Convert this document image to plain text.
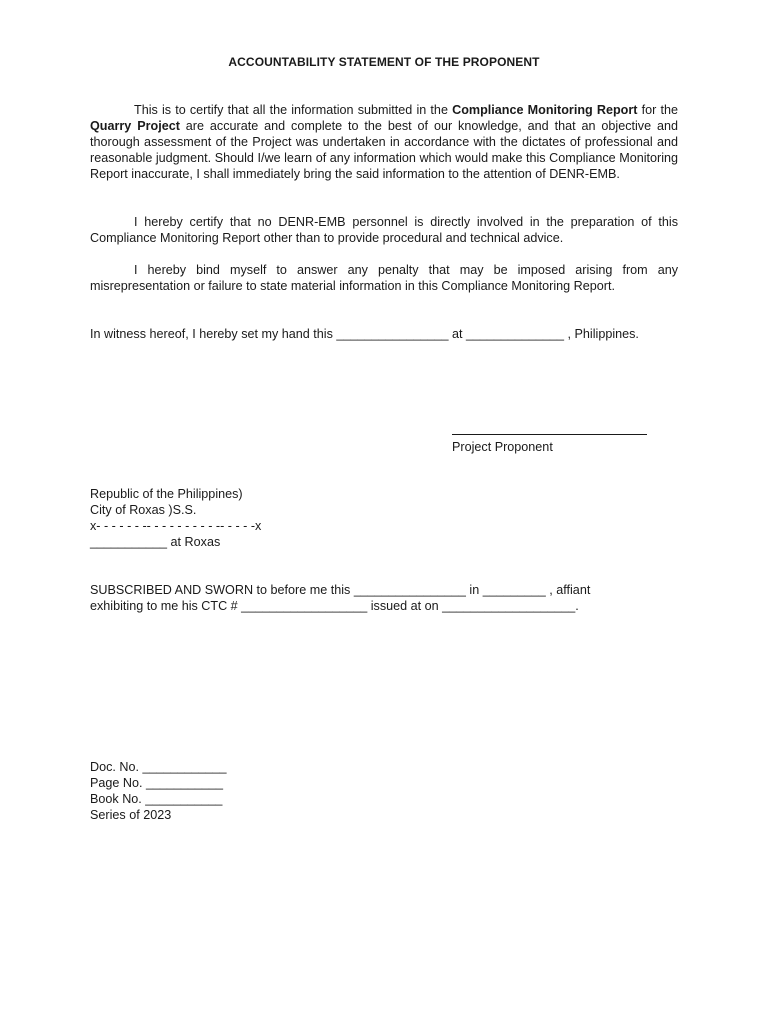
ACCOUNTABILITY STATEMENT OF THE PROPONENT

This is to certify that all the information submitted in the Compliance Monitoring Report for the Quarry Project are accurate and complete to the best of our knowledge, and that an objective and thorough assessment of the Project was undertaken in accordance with the dictates of professional and reasonable judgment. Should I/we learn of any information which would make this Compliance Monitoring Report inaccurate, I shall immediately bring the said information to the attention of DENR-EMB.

I hereby certify that no DENR-EMB personnel is directly involved in the preparation of this Compliance Monitoring Report other than to provide procedural and technical advice.

I hereby bind myself to answer any penalty that may be imposed arising from any misrepresentation or failure to state material information in this Compliance Monitoring Report.

In witness hereof, I hereby set my hand this ________________ at ______________ , Philippines.

Project Proponent
Republic of the Philippines)
City of Roxas )S.S.
x- - - - - - -- - - - - - - - - -- - - - -x
___________ at Roxas
SUBSCRIBED AND SWORN to before me this ________________ in _________ , affiant
exhibiting to me his CTC # __________________ issued at on ___________________.
Doc. No. ____________
Page No. ___________
Book No. ___________
Series of 2023
